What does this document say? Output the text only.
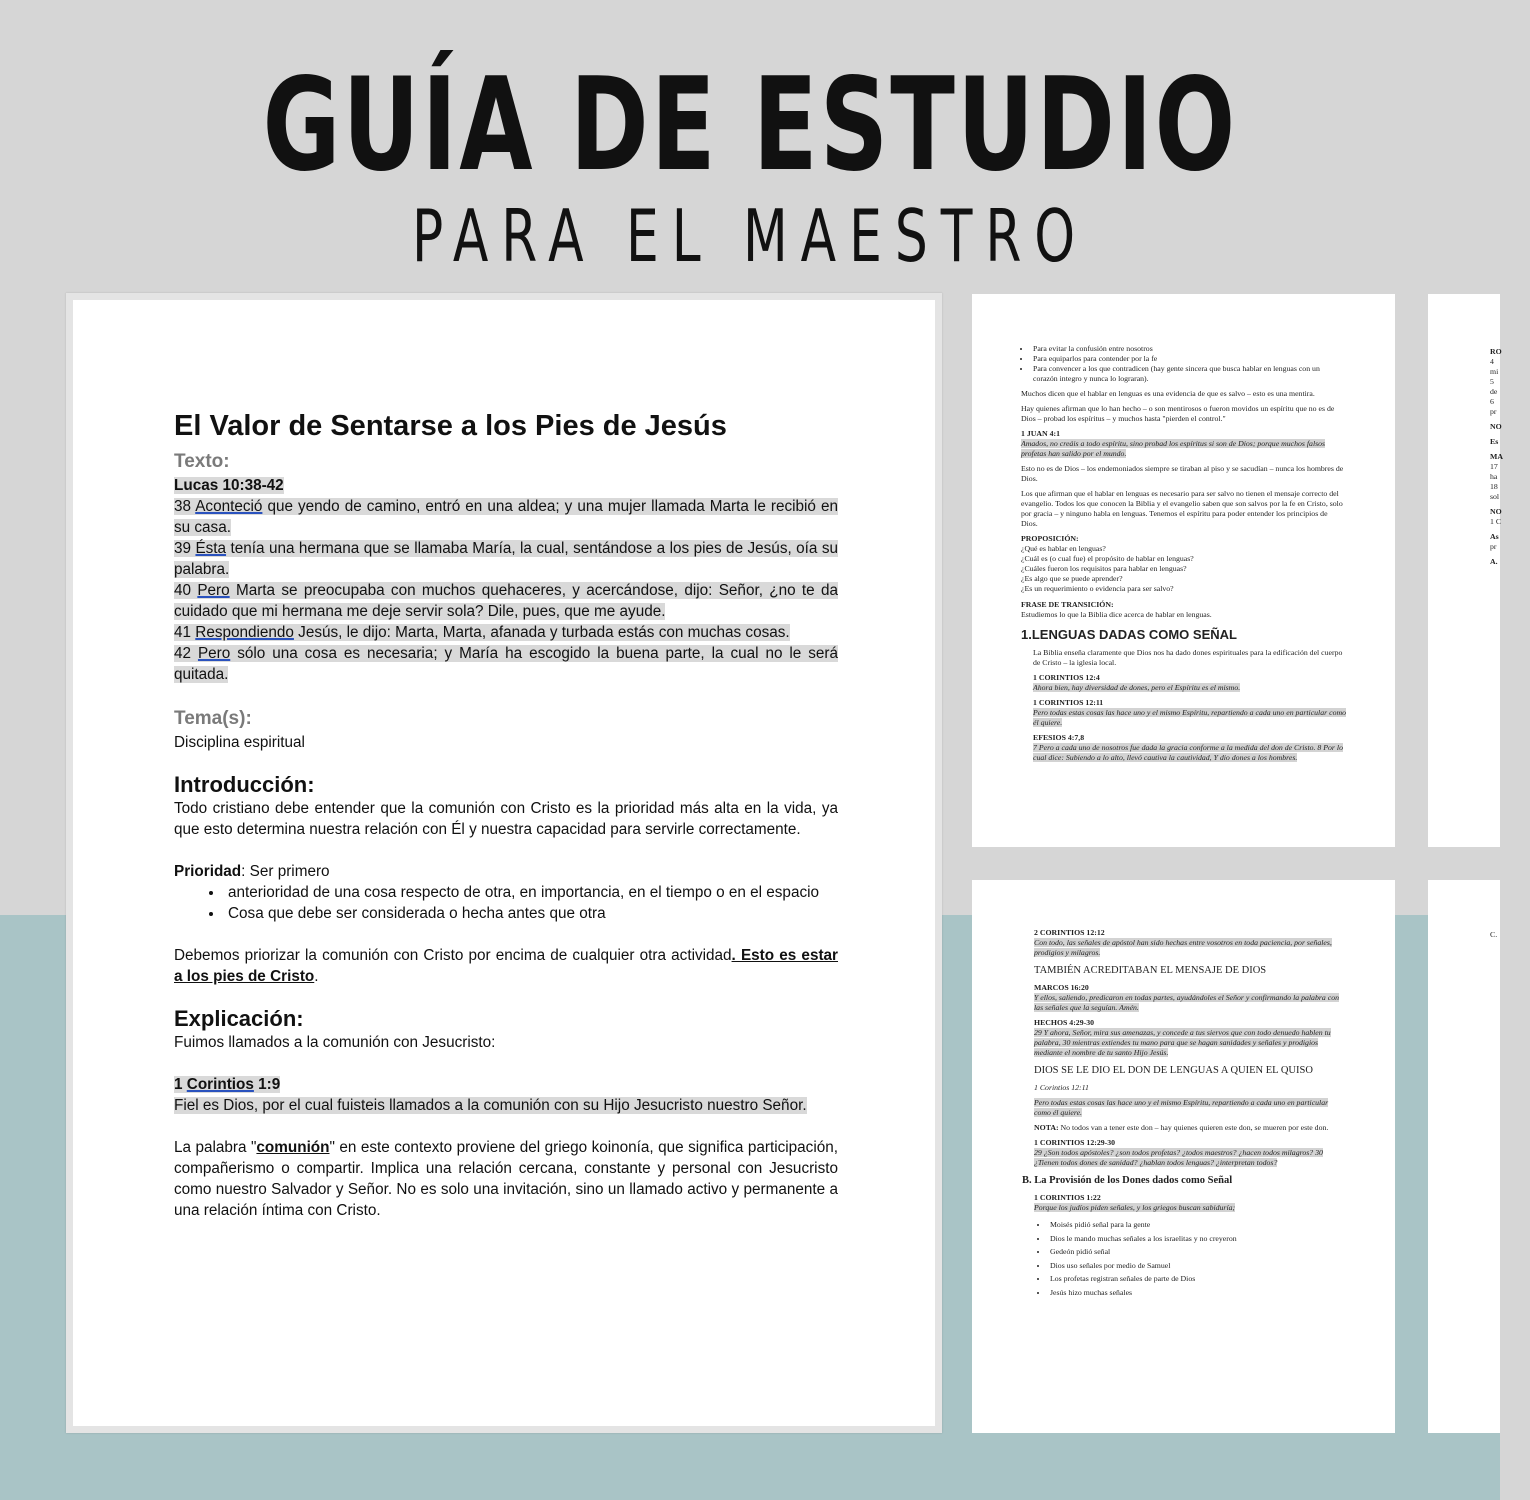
GUÍA DE ESTUDIO
PARA EL MAESTRO
El Valor de Sentarse a los Pies de Jesús
Texto:
Lucas 10:38-42
38 Aconteció que yendo de camino, entró en una aldea; y una mujer llamada Marta le recibió en su casa.
39 Ésta tenía una hermana que se llamaba María, la cual, sentándose a los pies de Jesús, oía su palabra.
40 Pero Marta se preocupaba con muchos quehaceres, y acercándose, dijo: Señor, ¿no te da cuidado que mi hermana me deje servir sola? Dile, pues, que me ayude.
41 Respondiendo Jesús, le dijo: Marta, Marta, afanada y turbada estás con muchas cosas.
42 Pero sólo una cosa es necesaria; y María ha escogido la buena parte, la cual no le será quitada.
Tema(s):
Disciplina espiritual
Introducción:
Todo cristiano debe entender que la comunión con Cristo es la prioridad más alta en la vida, ya que esto determina nuestra relación con Él y nuestra capacidad para servirle correctamente.
Prioridad: Ser primero
• anterioridad de una cosa respecto de otra, en importancia, en el tiempo o en el espacio
• Cosa que debe ser considerada o hecha antes que otra
Debemos priorizar la comunión con Cristo por encima de cualquier otra actividad. Esto es estar a los pies de Cristo.
Explicación:
Fuimos llamados a la comunión con Jesucristo:
1 Corintios 1:9
Fiel es Dios, por el cual fuisteis llamados a la comunión con su Hijo Jesucristo nuestro Señor.
La palabra "comunión" en este contexto proviene del griego koinonía, que significa participación, compañerismo o compartir. Implica una relación cercana, constante y personal con Jesucristo como nuestro Salvador y Señor. No es solo una invitación, sino un llamado activo y permanente a una relación íntima con Cristo.
• Para evitar la confusión entre nosotros
• Para equiparlos para contender por la fe
• Para convencer a los que contradicen (hay gente sincera que busca hablar en lenguas con un corazón integro y nunca lo lograran).

Muchos dicen que el hablar en lenguas es una evidencia de que es salvo – esto es una mentira.

Hay quienes afirman que lo han hecho – o son mentirosos o fueron movidos un espíritu que no es de Dios – probad los espíritus – y muchos hasta "pierden el control."

1 JUAN 4:1

Amados, no creáis a todo espíritu, sino probad los espíritus si son de Dios; porque muchos falsos profetas han salido por el mundo.

Esto no es de Dios – los endemoniados siempre se tiraban al piso y se sacudían – nunca los hombres de Dios.

Los que afirman que el hablar en lenguas es necesario para ser salvo no tienen el mensaje correcto del evangelio. Todos los que conocen la Biblia y el evangelio saben que son salvos por la fe en Cristo, solo por gracia – y ninguno habla en lenguas. Tenemos el espíritu para poder entender los principios de Dios.

PROPOSICIÓN:
¿Qué es hablar en lenguas?
¿Cuál es (o cual fue) el propósito de hablar en lenguas?
¿Cuáles fueron los requisitos para hablar en lenguas?
¿Es algo que se puede aprender?
¿Es un requerimiento o evidencia para ser salvo?
FRASE DE TRANSICIÓN:
Estudiemos lo que la Biblia dice acerca de hablar en lenguas.
1.LENGUAS DADAS COMO SEÑAL

La Biblia enseña claramente que Dios nos ha dado dones espirituales para la edificación del cuerpo de Cristo – la iglesia local.

1 CORINTIOS 12:4

Ahora bien, hay diversidad de dones, pero el Espíritu es el mismo.

1 CORINTIOS 12:11

Pero todas estas cosas las hace uno y el mismo Espíritu, repartiendo a cada uno en particular como él quiere.

EFESIOS 4:7,8

7 Pero a cada uno de nosotros fue dada la gracia conforme a la medida del don de Cristo. 8 Por lo cual dice: Subiendo a lo alto, llevó cautiva la cautividad, Y dio dones a los hombres.

2 CORINTIOS 12:12

Con todo, las señales de apóstol han sido hechas entre vosotros en toda paciencia, por señales, prodigios y milagros.

TAMBIÉN ACREDITABAN EL MENSAJE DE DIOS
MARCOS 16:20

Y ellos, saliendo, predicaron en todas partes, ayudándoles el Señor y confirmando la palabra con las señales que la seguían. Amén.

HECHOS 4:29-30

29 Y ahora, Señor, mira sus amenazas, y concede a tus siervos que con todo denuedo hablen tu palabra, 30 mientras extiendes tu mano para que se hagan sanidades y señales y prodigios mediante el nombre de tu santo Hijo Jesús.

DIOS SE LE DIO EL DON DE LENGUAS A QUIEN EL QUISO

1 Corintios 12:11

Pero todas estas cosas las hace uno y el mismo Espíritu, repartiendo a cada uno en particular como él quiere.

NOTA: No todos van a tener este don – hay quienes quieren este don, se mueren por este don.

1 CORINTIOS 12:29-30

29 ¿Son todos apóstoles? ¿son todos profetas? ¿todos maestros? ¿hacen todos milagros? 30 ¿Tienen todos dones de sanidad? ¿hablan todos lenguas? ¿interpretan todos?

B. La Provisión de los Dones dados como Señal
1 CORINTIOS 1:22

Porque los judíos piden señales, y los griegos buscan sabiduría;

• Moisés pidió señal para la gente
• Dios le mando muchas señales a los israelitas y no creyeron
• Gedeón pidió señal
• Dios uso señales por medio de Samuel
• Los profetas registran señales de parte de Dios
• Jesús hizo muchas señales
RO
4
mi
5
de
6
pr
NO
Es
MA
17
ha
18
sol
NO
1 C
As
pr
A.
C.
